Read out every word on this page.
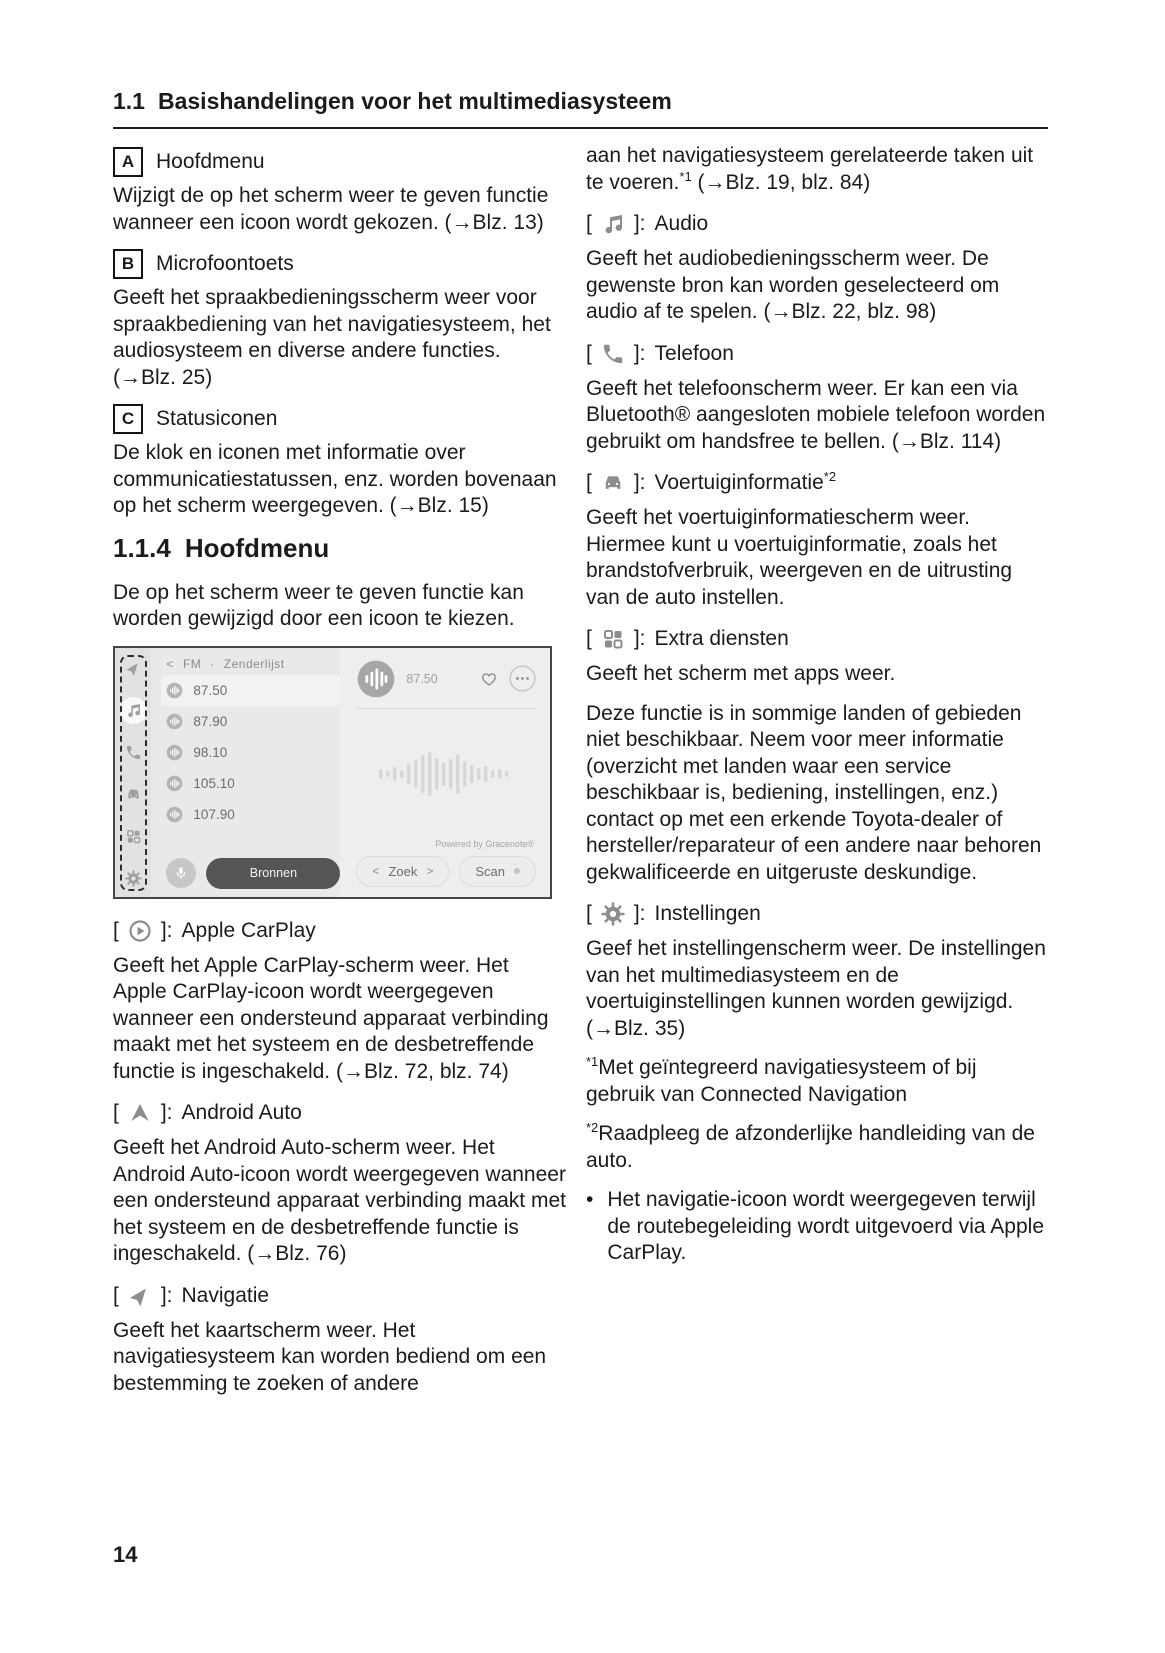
1.1 Basishandelingen voor het multimediasysteem
A	Hoofdmenu

Wijzigt de op het scherm weer te geven functie wanneer een icoon wordt gekozen. (→Blz. 13)

B	Microfoontoets

Geeft het spraakbedieningsscherm weer voor spraakbediening van het navigatiesysteem, het audiosysteem en diverse andere functies. (→Blz. 25)

C	Statusiconen

De klok en iconen met informatie over communicatiestatussen, enz. worden bovenaan op het scherm weergegeven. (→Blz. 15)

1.1.4 Hoofdmenu

De op het scherm weer te geven functie kan worden gewijzigd door een icoon te kiezen.

< FM · Zenderlijst
87.50
87.90
98.10
105.10
107.90
Bronnen
87.50
Powered by Gracenote®
< Zoek >	Scan
[ ]: Apple CarPlay

Geeft het Apple CarPlay-scherm weer. Het Apple CarPlay-icoon wordt weergegeven wanneer een ondersteund apparaat verbinding maakt met het systeem en de desbetreffende functie is ingeschakeld. (→Blz. 72, blz. 74)

[ ]: Android Auto

Geeft het Android Auto-scherm weer. Het Android Auto-icoon wordt weergegeven wanneer een ondersteund apparaat verbinding maakt met het systeem en de desbetreffende functie is ingeschakeld. (→Blz. 76)

[ ]: Navigatie

Geeft het kaartscherm weer. Het navigatiesysteem kan worden bediend om een bestemming te zoeken of andere

aan het navigatiesysteem gerelateerde taken uit te voeren.$^{*1}$ (→Blz. 19, blz. 84)

[ ]: Audio

Geeft het audiobedieningsscherm weer. De gewenste bron kan worden geselecteerd om audio af te spelen. (→Blz. 22, blz. 98)

[ ]: Telefoon

Geeft het telefoonscherm weer. Er kan een via Bluetooth® aangesloten mobiele telefoon worden gebruikt om handsfree te bellen. (→Blz. 114)

[ ]: Voertuiginformatie$^{*2}$

Geeft het voertuiginformatiescherm weer. Hiermee kunt u voertuiginformatie, zoals het brandstofverbruik, weergeven en de uitrusting van de auto instellen.

[ ]: Extra diensten

Geeft het scherm met apps weer.

Deze functie is in sommige landen of gebieden niet beschikbaar. Neem voor meer informatie (overzicht met landen waar een service beschikbaar is, bediening, instellingen, enz.) contact op met een erkende Toyota-dealer of hersteller/reparateur of een andere naar behoren gekwalificeerde en uitgeruste deskundige.

[ ]: Instellingen

Geef het instellingenscherm weer. De instellingen van het multimediasysteem en de voertuiginstellingen kunnen worden gewijzigd. (→Blz. 35)

$^{*1}$Met geïntegreerd navigatiesysteem of bij gebruik van Connected Navigation

$^{*2}$Raadpleeg de afzonderlijke handleiding van de auto.

• Het navigatie-icoon wordt weergegeven terwijl de routebegeleiding wordt uitgevoerd via Apple CarPlay.
14
